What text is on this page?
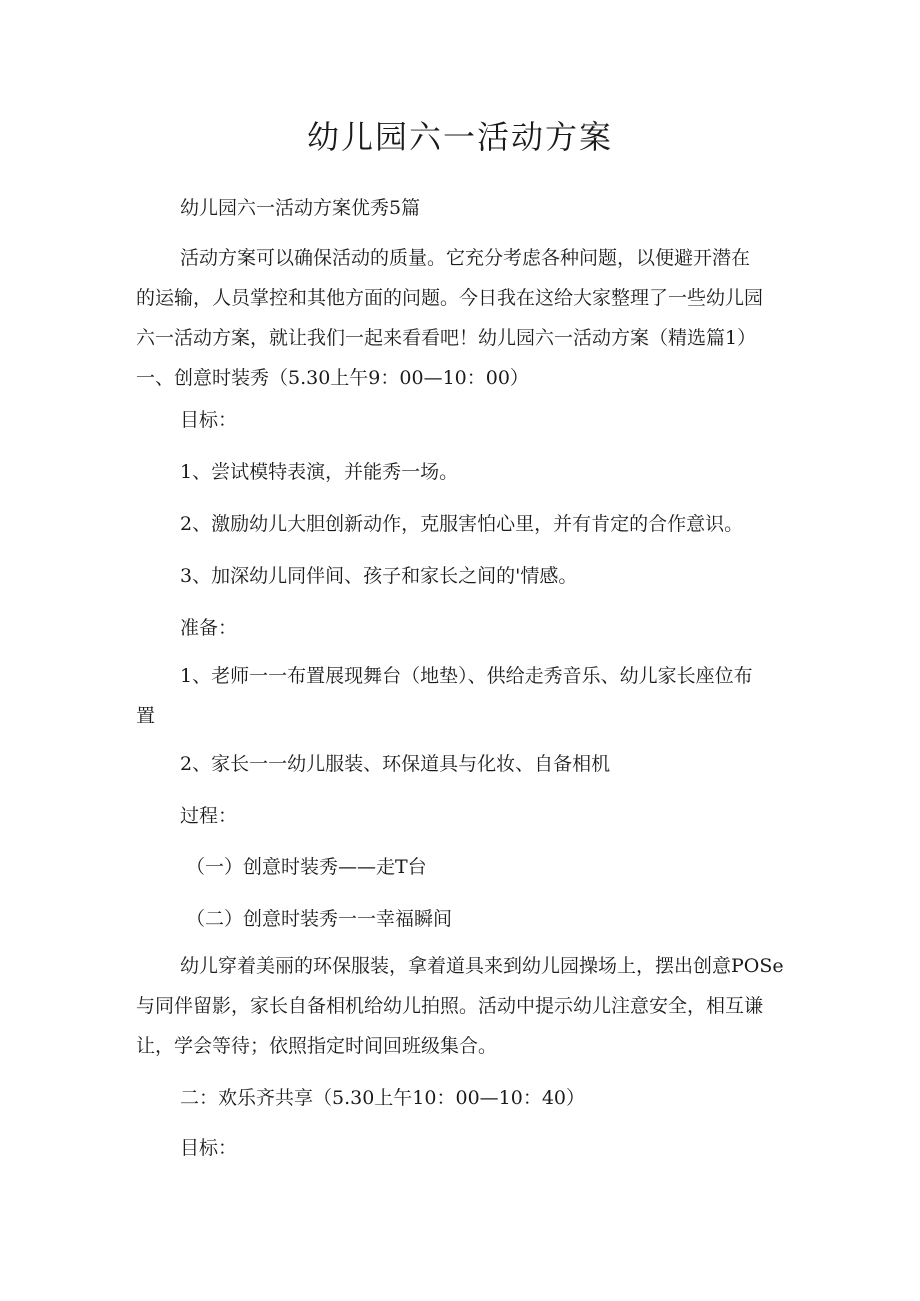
幼儿园六一活动方案
幼儿园六一活动方案优秀5篇
活动方案可以确保活动的质量。它充分考虑各种问题，以便避开潜在
的运输，人员掌控和其他方面的问题。今日我在这给大家整理了一些幼儿园
六一活动方案，就让我们一起来看看吧！幼儿园六一活动方案（精选篇1）
一、创意时装秀（5.30上午9：00—10：00）
目标：
1、尝试模特表演，并能秀一场。
2、激励幼儿大胆创新动作，克服害怕心里，并有肯定的合作意识。
3、加深幼儿同伴间、孩子和家长之间的'情感。
准备：
1、老师一一布置展现舞台（地垫）、供给走秀音乐、幼儿家长座位布
置
2、家长一一幼儿服装、环保道具与化妆、自备相机
过程：
（一）创意时装秀——走T台
（二）创意时装秀一一幸福瞬间
幼儿穿着美丽的环保服装，拿着道具来到幼儿园操场上，摆出创意POSe
与同伴留影，家长自备相机给幼儿拍照。活动中提示幼儿注意安全，相互谦
让，学会等待；依照指定时间回班级集合。
二：欢乐齐共享（5.30上午10：00—10：40）
目标：
